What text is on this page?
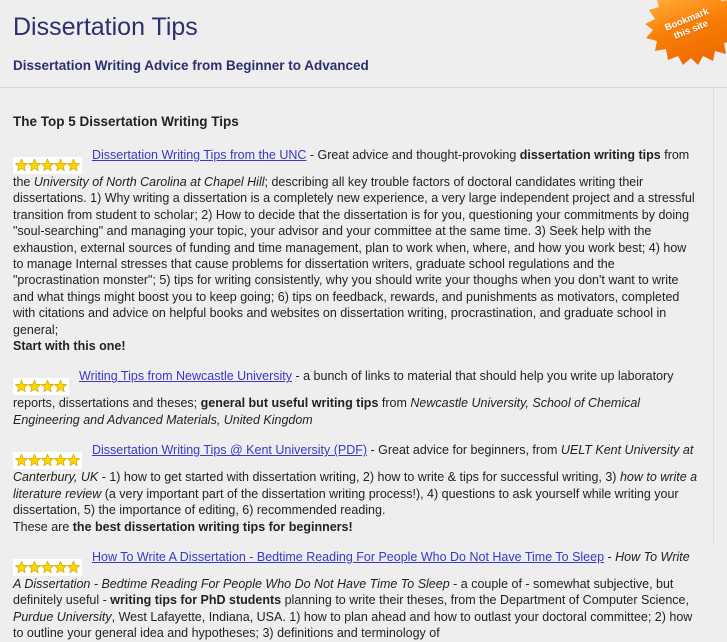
Dissertation Tips
Dissertation Writing Advice from Beginner to Advanced
Bookmark this site
The Top 5 Dissertation Writing Tips

Dissertation Writing Tips from the UNC - Great advice and thought-provoking dissertation writing tips from the University of North Carolina at Chapel Hill; describing all key trouble factors of doctoral candidates writing their dissertations. 1) Why writing a dissertation is a completely new experience, a very large independent project and a stressful transition from student to scholar; 2) How to decide that the dissertation is for you, questioning your commitments by doing "soul-searching" and managing your topic, your advisor and your committee at the same time. 3) Seek help with the exhaustion, external sources of funding and time management, plan to work when, where, and how you work best; 4) how to manage Internal stresses that cause problems for dissertation writers, graduate school regulations and the "procrastination monster"; 5) tips for writing consistently, why you should write your thoughs when you don't want to write and what things might boost you to keep going; 6) tips on feedback, rewards, and punishments as motivators, completed with citations and advice on helpful books and websites on dissertation writing, procrastination, and graduate school in general;

Start with this one!

Writing Tips from Newcastle University - a bunch of links to material that should help you write up laboratory reports, dissertations and theses; general but useful writing tips from Newcastle University, School of Chemical Engineering and Advanced Materials, United Kingdom

Dissertation Writing Tips @ Kent University (PDF) - Great advice for beginners, from UELT Kent University at Canterbury, UK - 1) how to get started with dissertation writing, 2) how to write & tips for successful writing, 3) how to write a literature review (a very important part of the dissertation writing process!), 4) questions to ask yourself while writing your dissertation, 5) the importance of editing, 6) recommended reading.

These are the best dissertation writing tips for beginners!

How To Write A Dissertation - Bedtime Reading For People Who Do Not Have Time To Sleep - How To Write A Dissertation - Bedtime Reading For People Who Do Not Have Time To Sleep - a couple of - somewhat subjective, but definitely useful - writing tips for PhD students planning to write their theses, from the Department of Computer Science, Purdue University, West Lafayette, Indiana, USA. 1) how to plan ahead and how to outlast your doctoral committee; 2) how to outline your general idea and hypotheses; 3) definitions and terminology of
